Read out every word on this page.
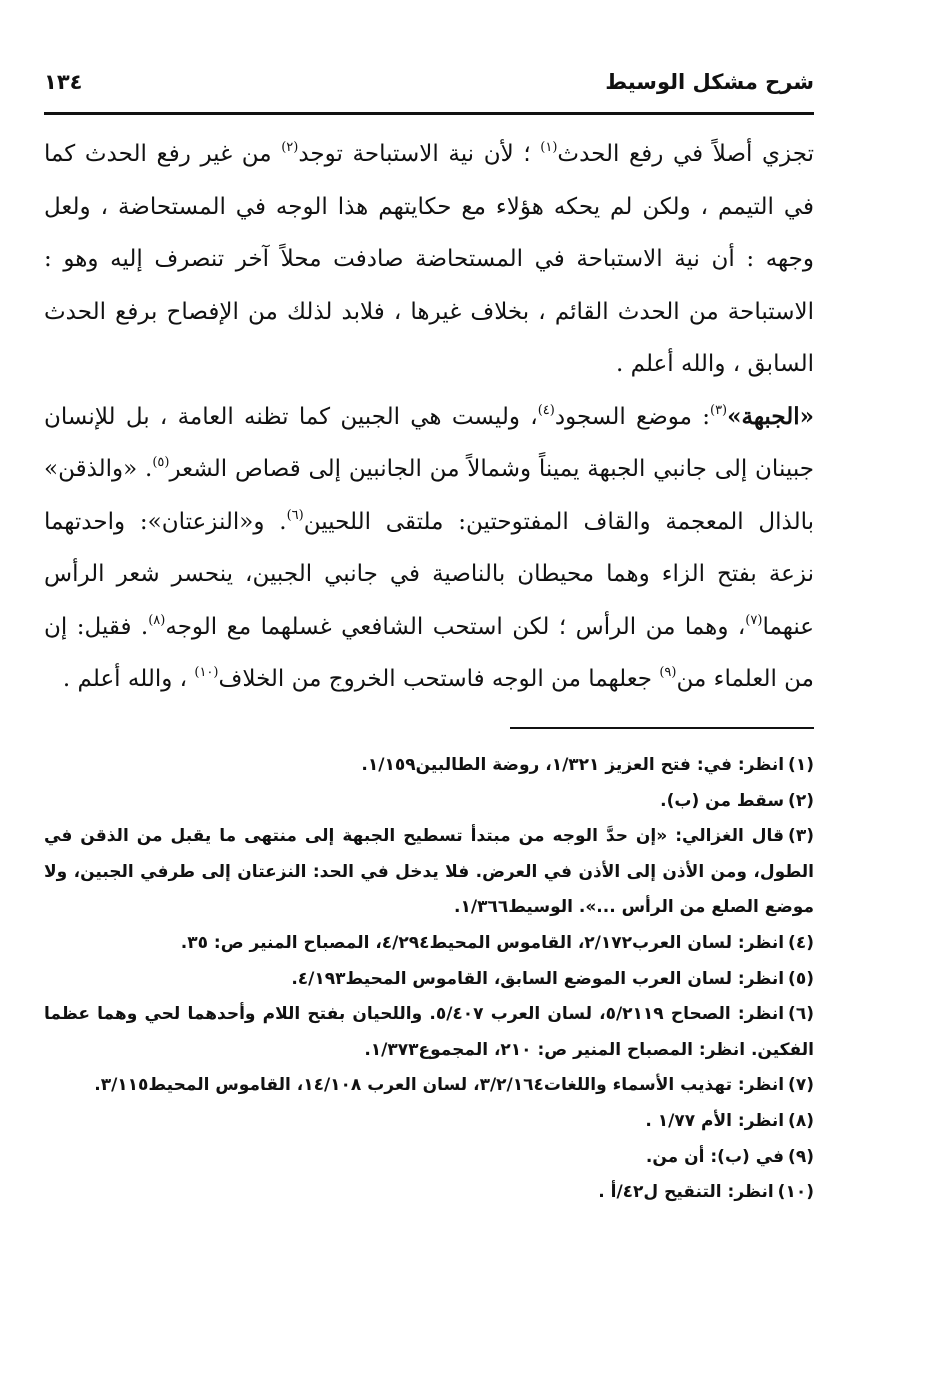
شرح مشكل الوسيط
١٣٤

تجزي أصلاً في رفع الحدث$^{(١)}$ ؛ لأن نية الاستباحة توجد$^{(٢)}$ من غير رفع الحدث كما في التيمم ، ولكن لم يحكه هؤلاء مع حكايتهم هذا الوجه في المستحاضة ، ولعل وجهه : أن نية الاستباحة في المستحاضة صادفت محلاً آخر تنصرف إليه وهو : الاستباحة من الحدث القائم ، بخلاف غيرها ، فلابد لذلك من الإفصاح برفع الحدث السابق ، والله أعلم .

«الجبهة»$^{(٣)}$: موضع السجود$^{(٤)}$، وليست هي الجبين كما تظنه العامة ، بل للإنسان جبينان إلى جانبي الجبهة يميناً وشمالاً من الجانبين إلى قصاص الشعر$^{(٥)}$. «والذقن» بالذال المعجمة والقاف المفتوحتين: ملتقى اللحيين$^{(٦)}$. و«النزعتان»: واحدتهما نزعة بفتح الزاء وهما محيطان بالناصية في جانبي الجبين، ينحسر شعر الرأس عنهما$^{(٧)}$، وهما من الرأس ؛ لكن استحب الشافعي غسلهما مع الوجه$^{(٨)}$. فقيل: إن من العلماء من$^{(٩)}$ جعلهما من الوجه فاستحب الخروج من الخلاف$^{(١٠)}$ ، والله أعلم .

(١)انظر: في: فتح العزيز ١/٣٢١، روضة الطالبين١/١٥٩.

(٢)سقط من (ب).

(٣)قال الغزالي: «إن حدَّ الوجه من مبتدأ تسطيح الجبهة إلى منتهى ما يقبل من الذقن في الطول، ومن الأذن إلى الأذن في العرض. فلا يدخل في الحد: النزعتان إلى طرفي الجبين، ولا موضع الصلع من الرأس ...». الوسيط١/٣٦٦.

(٤)انظر: لسان العرب٢/١٧٢، القاموس المحيط٤/٢٩٤، المصباح المنير ص: ٣٥.

(٥)انظر: لسان العرب الموضع السابق، القاموس المحيط٤/١٩٣.

(٦)انظر: الصحاح ٥/٢١١٩، لسان العرب ٥/٤٠٧. واللحيان بفتح اللام وأحدهما لحي وهما عظما الفكين. انظر: المصباح المنير ص: ٢١٠، المجموع١/٣٧٣.

(٧)انظر: تهذيب الأسماء واللغات٣/٢/١٦٤، لسان العرب ١٤/١٠٨، القاموس المحيط٣/١١٥.

(٨)انظر: الأم ١/٧٧ .

(٩)في (ب): أن من.

(١٠)انظر: التنقيح ل٤٢/أ .
